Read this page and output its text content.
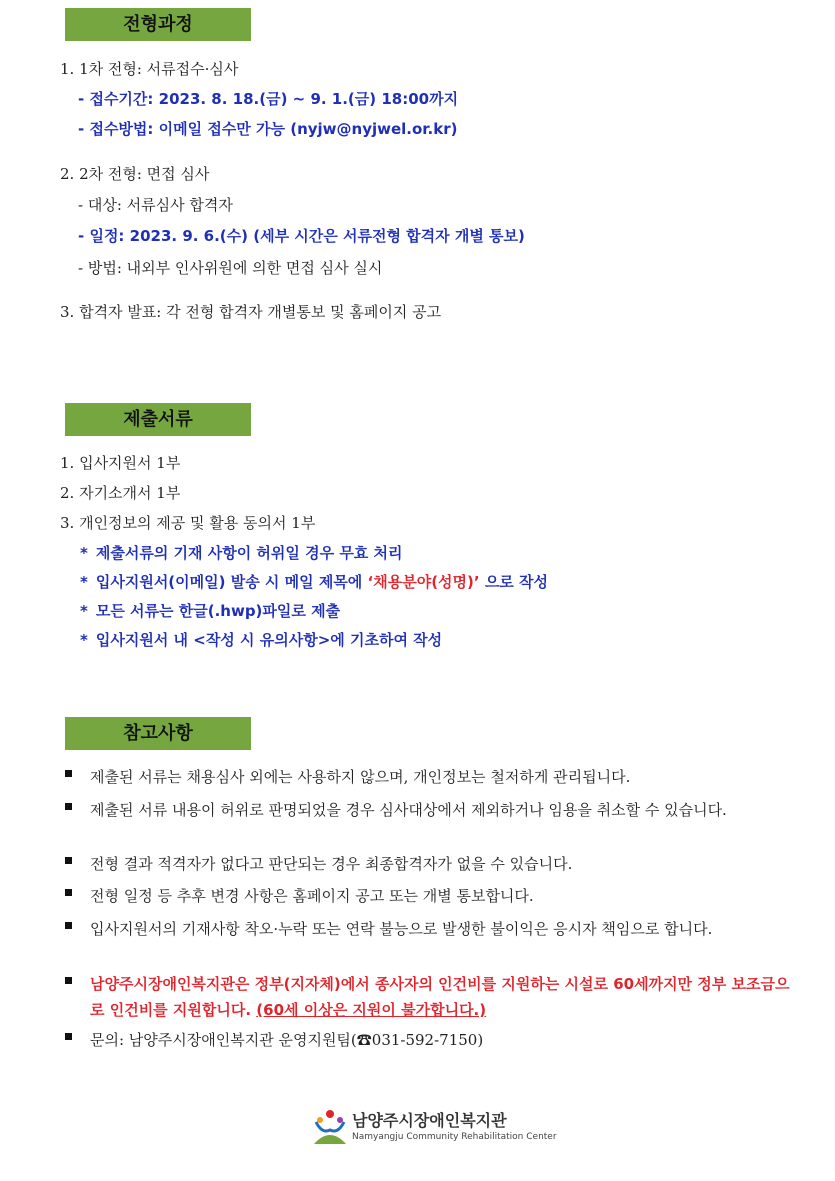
전형과정
1. 1차 전형: 서류접수·심사
- 접수기간: 2023. 8. 18.(금) ~ 9. 1.(금) 18:00까지
- 접수방법: 이메일 접수만 가능 (nyjw@nyjwel.or.kr)
2. 2차 전형: 면접 심사
- 대상: 서류심사 합격자
- 일정: 2023. 9. 6.(수) (세부 시간은 서류전형 합격자 개별 통보)
- 방법: 내외부 인사위원에 의한 면접 심사 실시
3. 합격자 발표: 각 전형 합격자 개별통보 및 홈페이지 공고
제출서류
1. 입사지원서 1부
2. 자기소개서 1부
3. 개인정보의 제공 및 활용 동의서 1부
* 제출서류의 기재 사항이 허위일 경우 무효 처리
* 입사지원서(이메일) 발송 시 메일 제목에 ‘채용분야(성명)’ 으로 작성
* 모든 서류는 한글(.hwp)파일로 제출
* 입사지원서 내 <작성 시 유의사항>에 기초하여 작성
참고사항
제출된 서류는 채용심사 외에는 사용하지 않으며, 개인정보는 철저하게 관리됩니다.
제출된 서류 내용이 허위로 판명되었을 경우 심사대상에서 제외하거나 임용을 취소할 수 있습니다.
전형 결과 적격자가 없다고 판단되는 경우 최종합격자가 없을 수 있습니다.
전형 일정 등 추후 변경 사항은 홈페이지 공고 또는 개별 통보합니다.
입사지원서의 기재사항 착오·누락 또는 연락 불능으로 발생한 불이익은 응시자 책임으로 합니다.
남양주시장애인복지관은 정부(지자체)에서 종사자의 인건비를 지원하는 시설로 60세까지만 정부 보조금으로 인건비를 지원합니다. (60세 이상은 지원이 불가합니다.)
문의: 남양주시장애인복지관 운영지원팀(☎031-592-7150)
남양주시장애인복지관
Namyangju Community Rehabilitation Center
